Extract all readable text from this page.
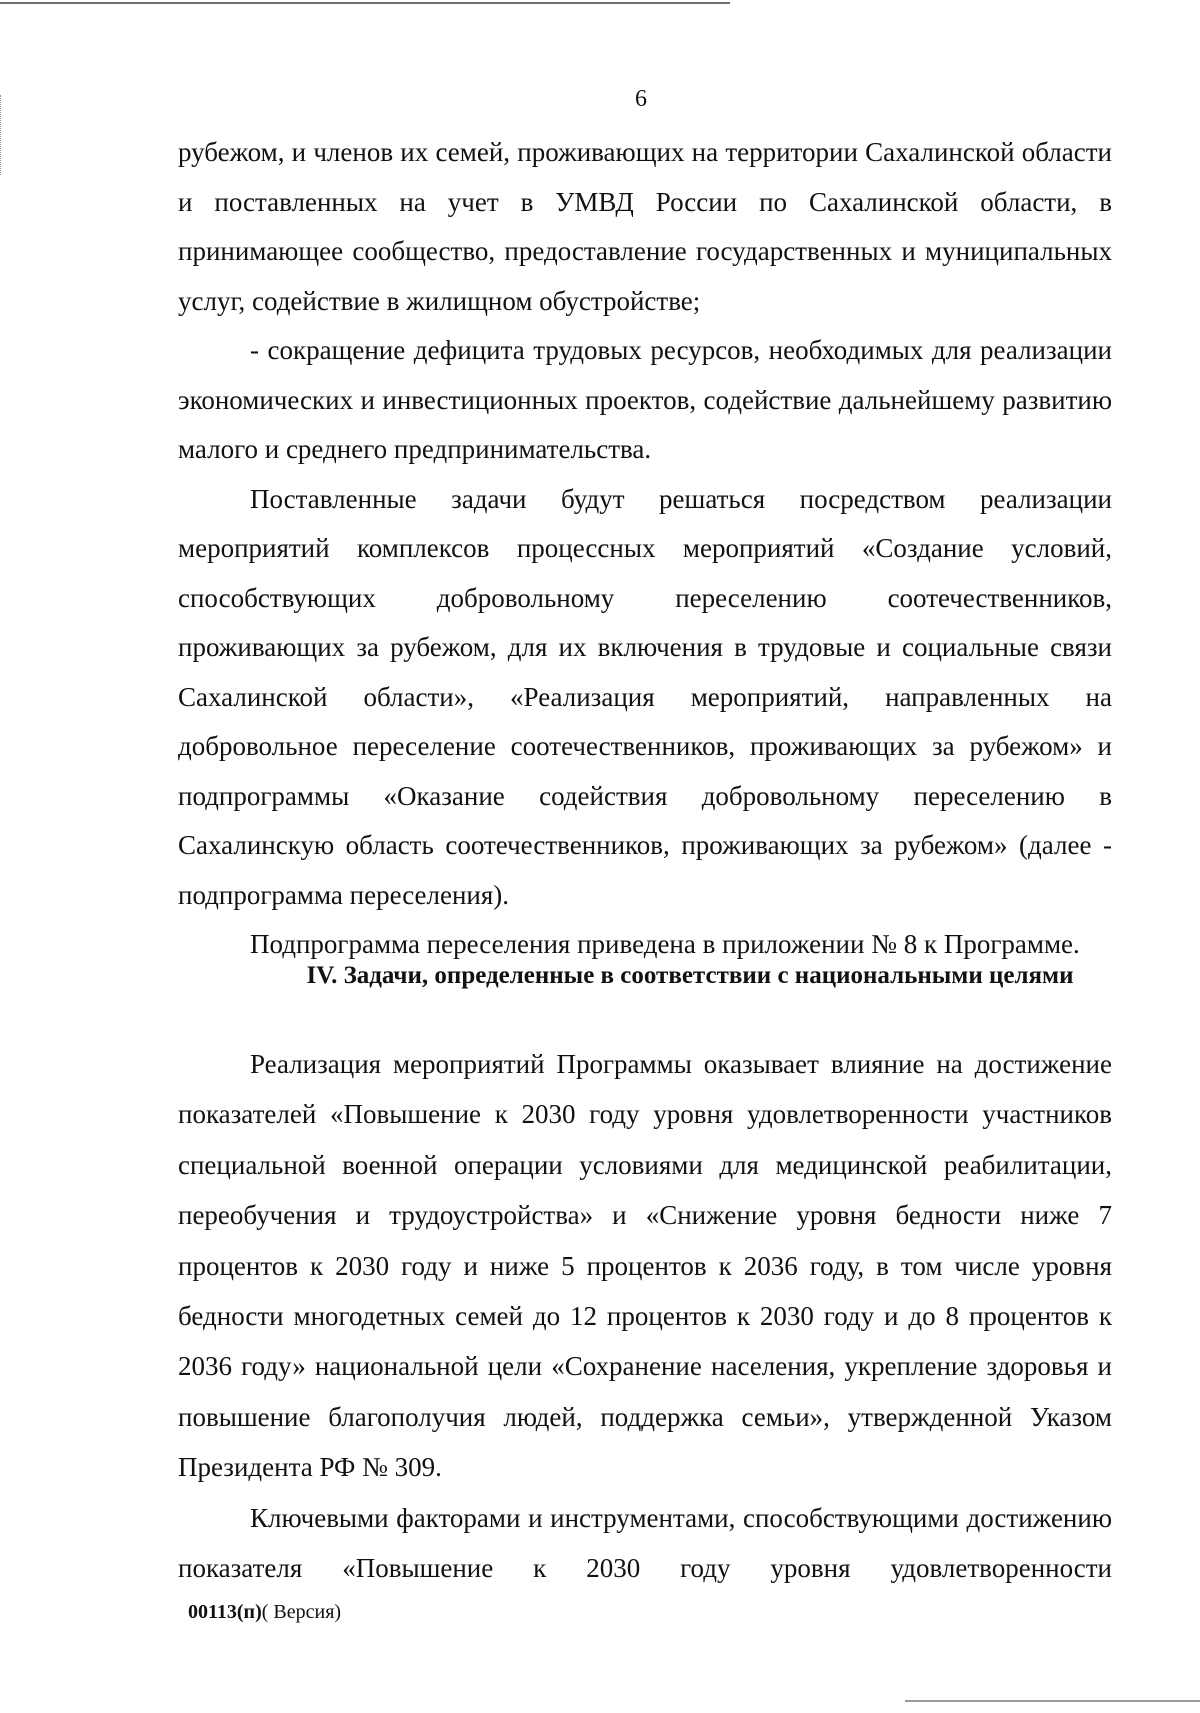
6

рубежом, и членов их семей, проживающих на территории Сахалинской области и поставленных на учет в УМВД России по Сахалинской области, в принимающее сообщество, предоставление государственных и муниципальных услуг, содействие в жилищном обустройстве;

- сокращение дефицита трудовых ресурсов, необходимых для реализации экономических и инвестиционных проектов, содействие дальнейшему развитию малого и среднего предпринимательства.

Поставленные задачи будут решаться посредством реализации мероприятий комплексов процессных мероприятий «Создание условий, способствующих добровольному переселению соотечественников, проживающих за рубежом, для их включения в трудовые и социальные связи Сахалинской области», «Реализация мероприятий, направленных на добровольное переселение соотечественников, проживающих за рубежом» и подпрограммы «Оказание содействия добровольному переселению в Сахалинскую область соотечественников, проживающих за рубежом» (далее - подпрограмма переселения).

Подпрограмма переселения приведена в приложении № 8 к Программе.

IV. Задачи, определенные в соответствии с национальными целями

Реализация мероприятий Программы оказывает влияние на достижение показателей «Повышение к 2030 году уровня удовлетворенности участников специальной военной операции условиями для медицинской реабилитации, переобучения и трудоустройства» и «Снижение уровня бедности ниже 7 процентов к 2030 году и ниже 5 процентов к 2036 году, в том числе уровня бедности многодетных семей до 12 процентов к 2030 году и до 8 процентов к 2036 году» национальной цели «Сохранение населения, укрепление здоровья и повышение благополучия людей, поддержка семьи», утвержденной Указом Президента РФ № 309.

Ключевыми факторами и инструментами, способствующими достижению показателя «Повышение к 2030 году уровня удовлетворенности

00113(п)( Версия)
